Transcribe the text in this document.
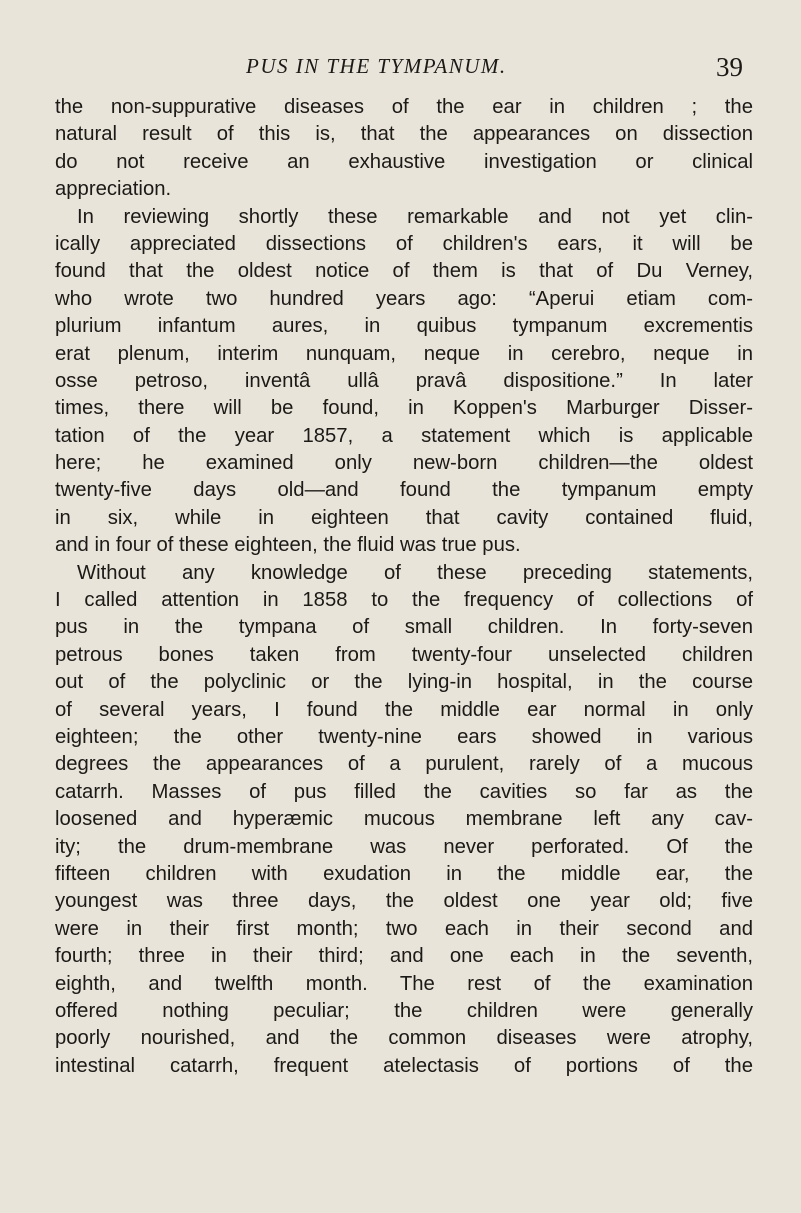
PUS IN THE TYMPANUM.	39
the non-suppurative diseases of the ear in children ; the
natural result of this is, that the appearances on dissection
do not receive an exhaustive investigation or clinical
appreciation.
In reviewing shortly these remarkable and not yet clin-
ically appreciated dissections of children's ears, it will be
found that the oldest notice of them is that of Du Verney,
who wrote two hundred years ago: “Aperui etiam com-
plurium infantum aures, in quibus tympanum excrementis
erat plenum, interim nunquam, neque in cerebro, neque in
osse petroso, inventâ ullâ pravâ dispositione.” In later
times, there will be found, in Koppen's Marburger Disser-
tation of the year 1857, a statement which is applicable
here; he examined only new-born children—the oldest
twenty-five days old—and found the tympanum empty
in six, while in eighteen that cavity contained fluid,
and in four of these eighteen, the fluid was true pus.
Without any knowledge of these preceding statements,
I called attention in 1858 to the frequency of collections of
pus in the tympana of small children. In forty-seven
petrous bones taken from twenty-four unselected children
out of the polyclinic or the lying-in hospital, in the course
of several years, I found the middle ear normal in only
eighteen; the other twenty-nine ears showed in various
degrees the appearances of a purulent, rarely of a mucous
catarrh. Masses of pus filled the cavities so far as the
loosened and hyperæmic mucous membrane left any cav-
ity; the drum-membrane was never perforated. Of the
fifteen children with exudation in the middle ear, the
youngest was three days, the oldest one year old; five
were in their first month; two each in their second and
fourth; three in their third; and one each in the seventh,
eighth, and twelfth month. The rest of the examination
offered nothing peculiar; the children were generally
poorly nourished, and the common diseases were atrophy,
intestinal catarrh, frequent atelectasis of portions of the
